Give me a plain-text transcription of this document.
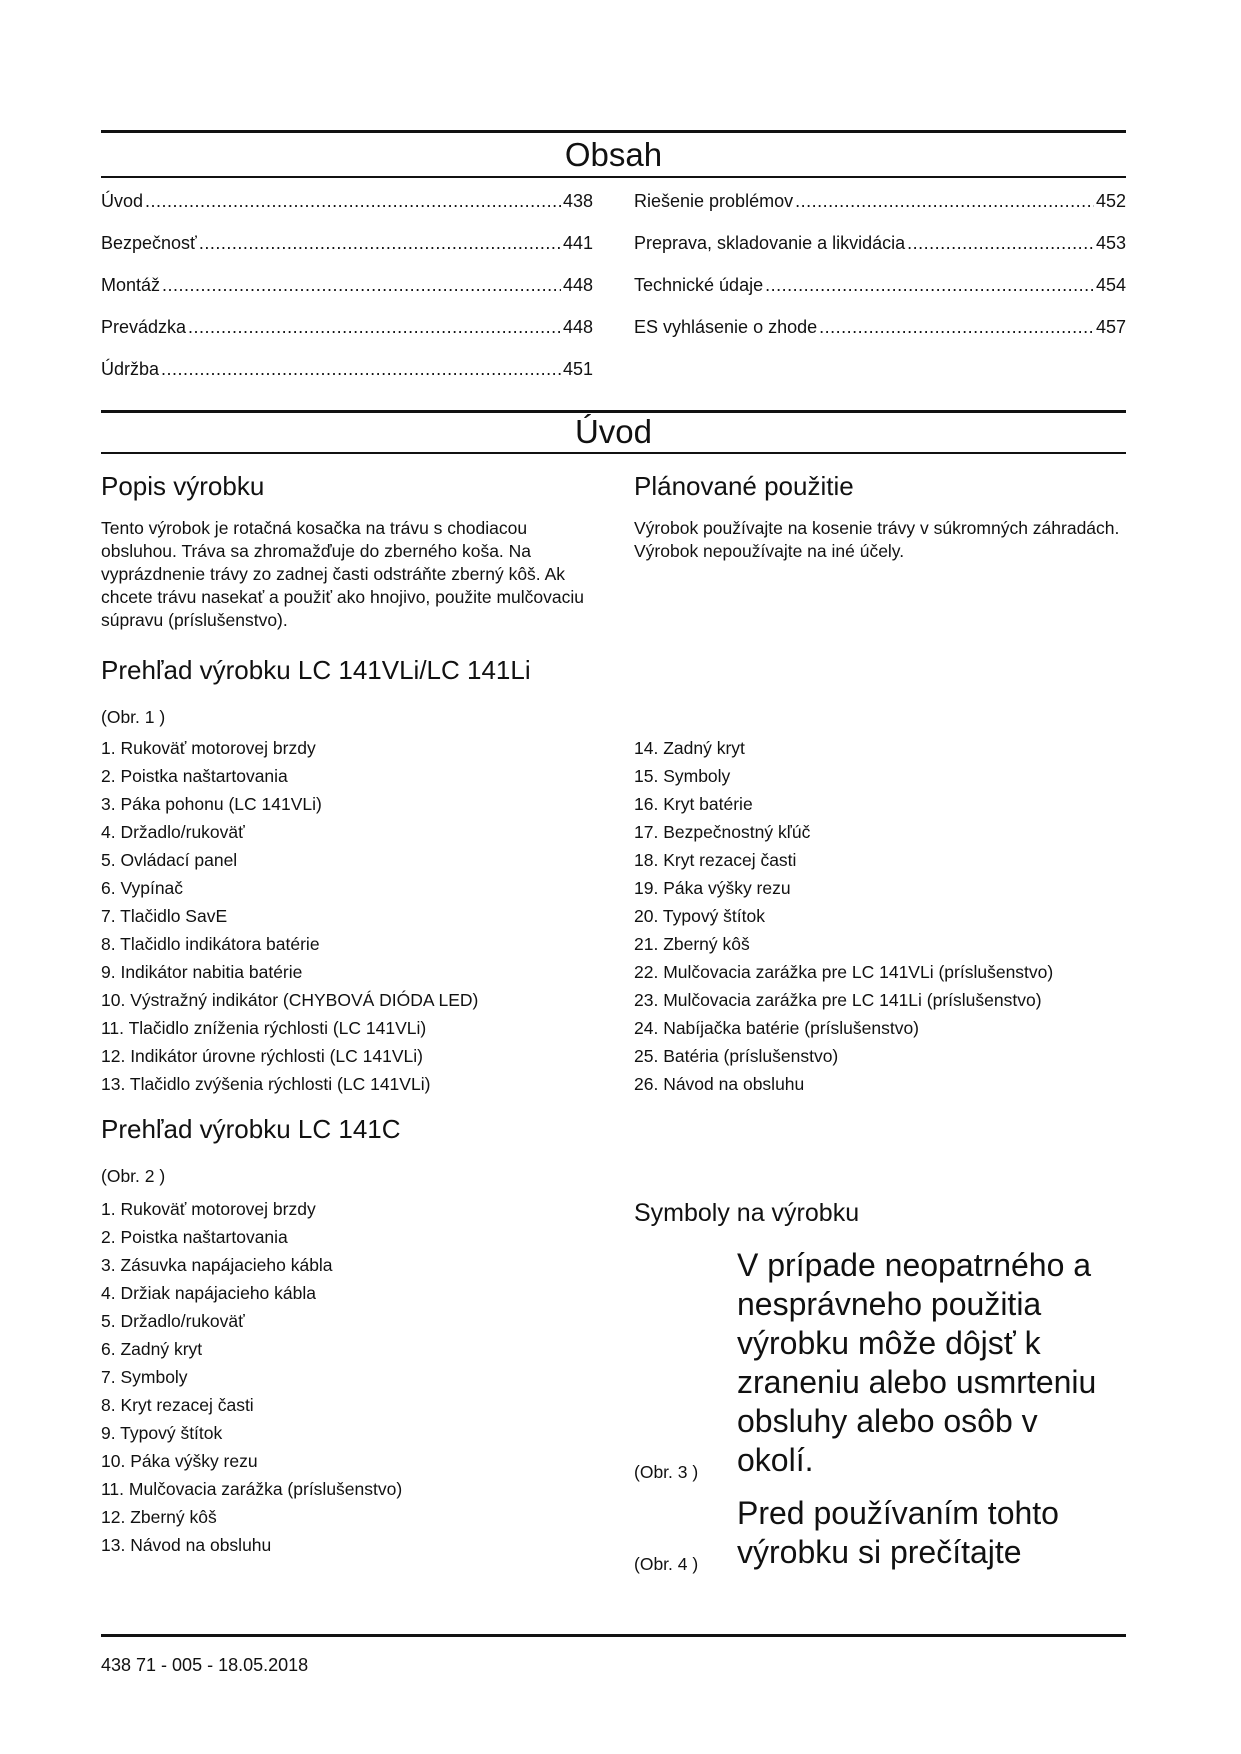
Obsah
Úvod .....	438
Bezpečnosť .....	441
Montáž .....	448
Prevádzka .....	448
Údržba .....	451
Riešenie problémov .....	452
Preprava, skladovanie a likvidácia .....	453
Technické údaje .....	454
ES vyhlásenie o zhode .....	457
Úvod
Popis výrobku

Tento výrobok je rotačná kosačka na trávu s chodiacou obsluhou. Tráva sa zhromažďuje do zberného koša. Na vyprázdnenie trávy zo zadnej časti odstráňte zberný kôš. Ak chcete trávu nasekať a použiť ako hnojivo, použite mulčovaciu súpravu (príslušenstvo).

Plánované použitie

Výrobok používajte na kosenie trávy v súkromných záhradách. Výrobok nepoužívajte na iné účely.

Prehľad výrobku LC 141VLi/LC 141Li
(Obr. 1 )
1. Rukoväť motorovej brzdy
2. Poistka naštartovania
3. Páka pohonu (LC 141VLi)
4. Držadlo/rukoväť
5. Ovládací panel
6. Vypínač
7. Tlačidlo SavE
8. Tlačidlo indikátora batérie
9. Indikátor nabitia batérie
10. Výstražný indikátor (CHYBOVÁ DIÓDA LED)
11. Tlačidlo zníženia rýchlosti (LC 141VLi)
12. Indikátor úrovne rýchlosti (LC 141VLi)
13. Tlačidlo zvýšenia rýchlosti (LC 141VLi)
14. Zadný kryt
15. Symboly
16. Kryt batérie
17. Bezpečnostný kľúč
18. Kryt rezacej časti
19. Páka výšky rezu
20. Typový štítok
21. Zberný kôš
22. Mulčovacia zarážka pre LC 141VLi (príslušenstvo)
23. Mulčovacia zarážka pre LC 141Li (príslušenstvo)
24. Nabíjačka batérie (príslušenstvo)
25. Batéria (príslušenstvo)
26. Návod na obsluhu
Prehľad výrobku LC 141C
(Obr. 2 )
1. Rukoväť motorovej brzdy
2. Poistka naštartovania
3. Zásuvka napájacieho kábla
4. Držiak napájacieho kábla
5. Držadlo/rukoväť
6. Zadný kryt
7. Symboly
8. Kryt rezacej časti
9. Typový štítok
10. Páka výšky rezu
11. Mulčovacia zarážka (príslušenstvo)
12. Zberný kôš
13. Návod na obsluhu
Symboly na výrobku
(Obr. 3 )

V prípade neopatrného a nesprávneho použitia výrobku môže dôjsť k zraneniu alebo usmrteniu obsluhy alebo osôb v okolí.

(Obr. 4 )

Pred používaním tohto výrobku si prečítajte

438 71 - 005 - 18.05.2018
